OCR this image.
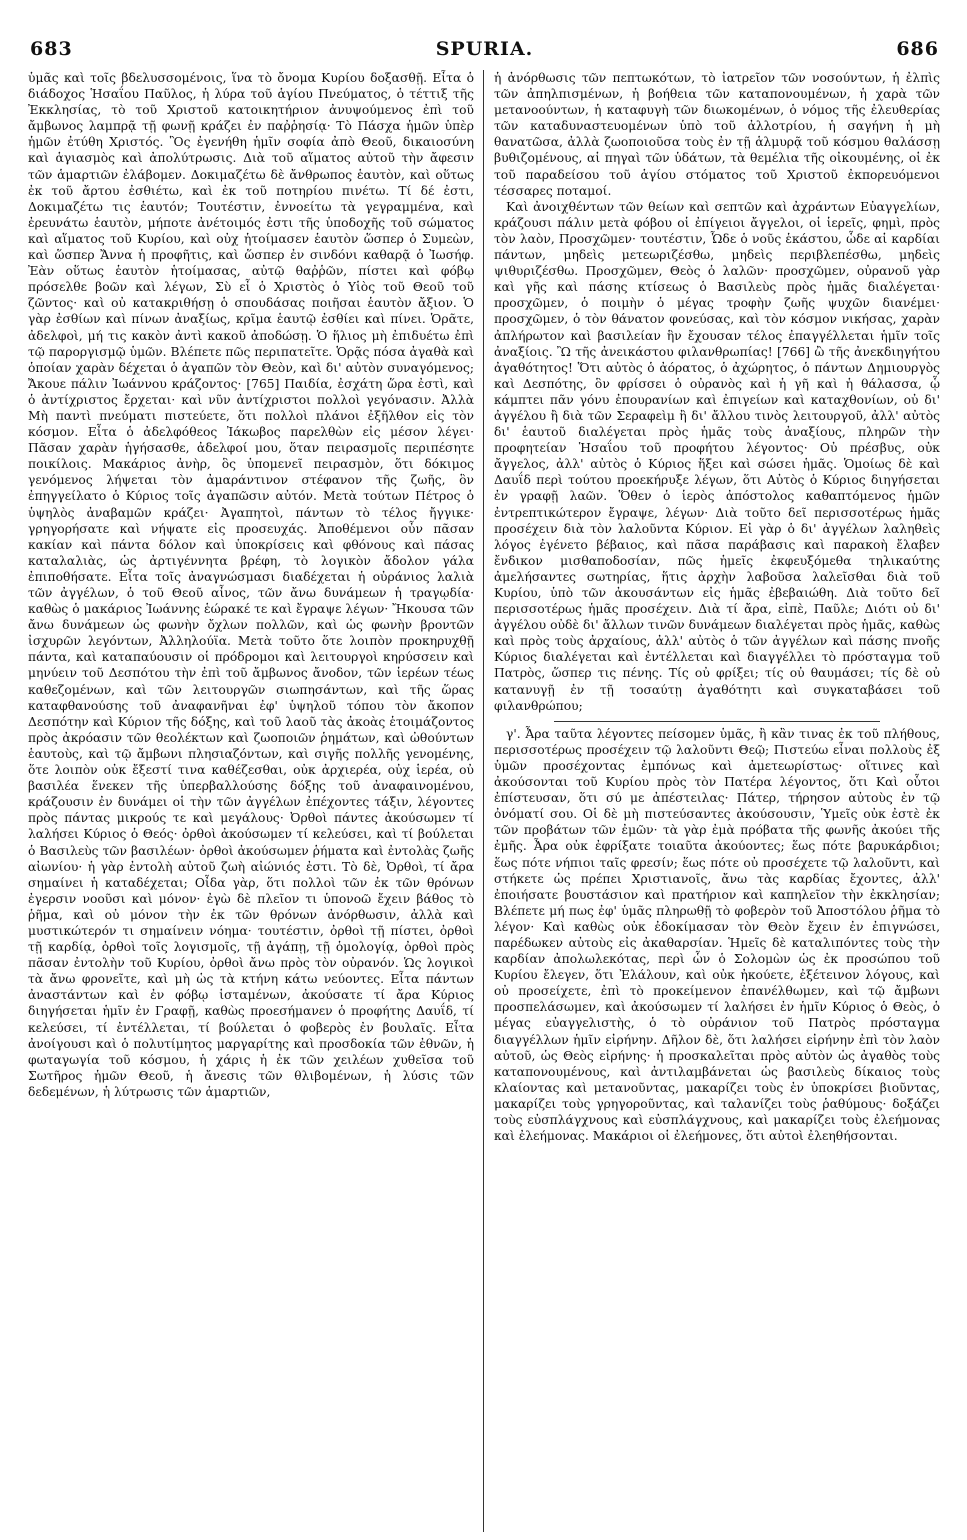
683	SPURIA.	686

ὑμᾶς καὶ τοῖς βδελυσσομένοις, ἵνα τὸ ὄνομα Κυρίου δοξασθῇ. Εἶτα ὁ διάδοχος Ἡσαΐου Παῦλος, ἡ λύρα τοῦ ἁγίου Πνεύματος, ὁ τέττιξ τῆς Ἐκκλησίας, τὸ τοῦ Χριστοῦ κατοικητήριον ἀνυψούμενος ἐπὶ τοῦ ἄμβωνος λαμπρᾷ τῇ φωνῇ κράζει ἐν παῤῥησίᾳ· Τὸ Πάσχα ἡμῶν ὑπὲρ ἡμῶν ἐτύθη Χριστός. Ὃς ἐγενήθη ἡμῖν σοφία ἀπὸ Θεοῦ, δικαιοσύνη καὶ ἁγιασμὸς καὶ ἀπολύτρωσις. Διὰ τοῦ αἵματος αὐτοῦ τὴν ἄφεσιν τῶν ἁμαρτιῶν ἐλάβομεν. Δοκιμαζέτω δὲ ἄνθρωπος ἑαυτὸν, καὶ οὕτως ἐκ τοῦ ἄρτου ἐσθιέτω, καὶ ἐκ τοῦ ποτηρίου πινέτω. Τί δέ ἐστι, Δοκιμαζέτω τις ἑαυτόν; Τουτέστιν, ἐννοείτω τὰ γεγραμμένα, καὶ ἐρευνάτω ἑαυτὸν, μήποτε ἀνέτοιμός ἐστι τῆς ὑποδοχῆς τοῦ σώματος καὶ αἵματος τοῦ Κυρίου, καὶ οὐχ ἡτοίμασεν ἑαυτὸν ὥσπερ ὁ Συμεὼν, καὶ ὥσπερ Ἄννα ἡ προφῆτις, καὶ ὥσπερ ἐν σινδόνι καθαρᾷ ὁ Ἰωσήφ. Ἐὰν οὕτως ἑαυτὸν ἡτοίμασας, αὐτῷ θαῤῥῶν, πίστει καὶ φόβῳ πρόσελθε βοῶν καὶ λέγων, Σὺ εἶ ὁ Χριστὸς ὁ Υἱὸς τοῦ Θεοῦ τοῦ ζῶντος· καὶ οὐ κατακριθήσῃ ὁ σπουδάσας ποιῆσαι ἑαυτὸν ἄξιον. Ὁ γὰρ ἐσθίων καὶ πίνων ἀναξίως, κρῖμα ἑαυτῷ ἐσθίει καὶ πίνει. Ὁρᾶτε, ἀδελφοὶ, μή τις κακὸν ἀντὶ κακοῦ ἀποδώσῃ. Ὁ ἥλιος μὴ ἐπιδυέτω ἐπὶ τῷ παροργισμῷ ὑμῶν. Βλέπετε πῶς περιπατεῖτε. Ὁρᾷς πόσα ἀγαθὰ καὶ ὁποίαν χαρὰν δέχεται ὁ ἀγαπῶν τὸν Θεὸν, καὶ δι' αὐτὸν συναγόμενος; Ἄκουε πάλιν Ἰωάννου κράζοντος· [765] Παιδία, ἐσχάτη ὥρα ἐστὶ, καὶ ὁ ἀντίχριστος ἔρχεται· καὶ νῦν ἀντίχριστοι πολλοὶ γεγόνασιν. Ἀλλὰ Μὴ παντὶ πνεύματι πιστεύετε, ὅτι πολλοὶ πλάνοι ἐξῆλθον εἰς τὸν κόσμον. Εἶτα ὁ ἀδελφόθεος Ἰάκωβος παρελθὼν εἰς μέσον λέγει· Πᾶσαν χαρὰν ἡγήσασθε, ἀδελφοί μου, ὅταν πειρασμοῖς περιπέσητε ποικίλοις. Μακάριος ἀνὴρ, ὃς ὑπομενεῖ πειρασμὸν, ὅτι δόκιμος γενόμενος λήψεται τὸν ἀμαράντινον στέφανον τῆς ζωῆς, ὃν ἐπηγγείλατο ὁ Κύριος τοῖς ἀγαπῶσιν αὐτόν. Μετὰ τούτων Πέτρος ὁ ὑψηλὸς ἀναβαμῶν κράζει· Ἀγαπητοὶ, πάντων τὸ τέλος ἤγγικε· γρηγορήσατε καὶ νήψατε εἰς προσευχάς. Ἀποθέμενοι οὖν πᾶσαν κακίαν καὶ πάντα δόλον καὶ ὑποκρίσεις καὶ φθόνους καὶ πάσας καταλαλιὰς, ὡς ἀρτιγέννητα βρέφη, τὸ λογικὸν ἄδολον γάλα ἐπιποθήσατε. Εἶτα τοῖς ἀναγνώσμασι διαδέχεται ἡ οὐράνιος λαλιὰ τῶν ἀγγέλων, ὁ τοῦ Θεοῦ αἶνος, τῶν ἄνω δυνάμεων ἡ τραγῳδία· καθὼς ὁ μακάριος Ἰωάννης ἑώρακέ τε καὶ ἔγραψε λέγων· Ἤκουσα τῶν ἄνω δυνάμεων ὡς φωνὴν ὄχλων πολλῶν, καὶ ὡς φωνὴν βροντῶν ἰσχυρῶν λεγόντων, Ἀλληλούϊα. Μετὰ τοῦτο ὅτε λοιπὸν προκηρυχθῇ πάντα, καὶ καταπαύουσιν οἱ πρόδρομοι καὶ λειτουργοὶ κηρύσσειν καὶ μηνύειν τοῦ Δεσπότου τὴν ἐπὶ τοῦ ἄμβωνος ἄνοδον, τῶν ἱερέων τέως καθεζομένων, καὶ τῶν λειτουργῶν σιωπησάντων, καὶ τῆς ὥρας καταφθανούσης τοῦ ἀναφανῆναι ἐφ' ὑψηλοῦ τόπου τὸν ἄκοπον Δεσπότην καὶ Κύριον τῆς δόξης, καὶ τοῦ λαοῦ τὰς ἀκοὰς ἑτοιμάζοντος πρὸς ἀκρόασιν τῶν θεολέκτων καὶ ζωοποιῶν ῥημάτων, καὶ ὠθούντων ἑαυτοὺς, καὶ τῷ ἄμβωνι πλησιαζόντων, καὶ σιγῆς πολλῆς γενομένης, ὅτε λοιπὸν οὐκ ἔξεστί τινα καθέζεσθαι, οὐκ ἀρχιερέα, οὐχ ἱερέα, οὐ βασιλέα ἕνεκεν τῆς ὑπερβαλλούσης δόξης τοῦ ἀναφαινομένου, κράζουσιν ἐν δυνάμει οἱ τὴν τῶν ἀγγέλων ἐπέχοντες τάξιν, λέγοντες πρὸς πάντας μικρούς τε καὶ μεγάλους· Ὀρθοὶ πάντες ἀκούσωμεν τί λαλήσει Κύριος ὁ Θεός· ὀρθοὶ ἀκούσωμεν τί κελεύσει, καὶ τί βούλεται ὁ Βασιλεὺς τῶν βασιλέων· ὀρθοὶ ἀκούσωμεν ῥήματα καὶ ἐντολὰς ζωῆς αἰωνίου· ἡ γὰρ ἐντολὴ αὐτοῦ ζωὴ αἰώνιός ἐστι. Τὸ δὲ, Ὀρθοὶ, τί ἄρα σημαίνει ἡ καταδέχεται; Οἶδα γὰρ, ὅτι πολλοὶ τῶν ἐκ τῶν θρόνων ἐγερσιν νοοῦσι καὶ μόνον· ἐγὼ δὲ πλεῖον τι ὑπονοῶ ἔχειν βάθος τὸ ῥῆμα, καὶ οὐ μόνον τὴν ἐκ τῶν θρόνων ἀνόρθωσιν, ἀλλὰ καὶ μυστικώτερόν τι σημαίνειν νόημα· τουτέστιν, ὀρθοὶ τῇ πίστει, ὀρθοὶ τῇ καρδίᾳ, ὀρθοὶ τοῖς λογισμοῖς, τῇ ἀγάπῃ, τῇ ὁμολογίᾳ, ὀρθοὶ πρὸς πᾶσαν ἐντολὴν τοῦ Κυρίου, ὀρθοὶ ἄνω πρὸς τὸν οὐρανόν. Ὡς λογικοὶ τὰ ἄνω φρονεῖτε, καὶ μὴ ὡς τὰ κτήνη κάτω νεύοντες. Εἶτα πάντων ἀναστάντων καὶ ἐν φόβῳ ἱσταμένων, ἀκούσατε τί ἄρα Κύριος διηγήσεται ἡμῖν ἐν Γραφῇ, καθὼς προεσήμανεν ὁ προφήτης Δαυΐδ, τί κελεύσει, τί ἐντέλλεται, τί βούλεται ὁ φοβερὸς ἐν βουλαῖς. Εἶτα ἀνοίγουσι καὶ ὁ πολυτίμητος μαργαρίτης καὶ προσδοκία τῶν ἐθνῶν, ἡ φωταγωγία τοῦ κόσμου, ἡ χάρις ἡ ἐκ τῶν χειλέων χυθεῖσα τοῦ Σωτῆρος ἡμῶν Θεοῦ, ἡ ἄνεσις τῶν θλιβομένων, ἡ λύσις τῶν δεδεμένων, ἡ λύτρωσις τῶν ἁμαρτιῶν,

ἡ ἀνόρθωσις τῶν πεπτωκότων, τὸ ἰατρεῖον τῶν νοσούντων, ἡ ἐλπὶς τῶν ἀπηλπισμένων, ἡ βοήθεια τῶν καταπονουμένων, ἡ χαρὰ τῶν μετανοούντων, ἡ καταφυγὴ τῶν διωκομένων, ὁ νόμος τῆς ἐλευθερίας τῶν καταδυναστευομένων ὑπὸ τοῦ ἀλλοτρίου, ἡ σαγήνη ἡ μὴ θανατῶσα, ἀλλὰ ζωοποιοῦσα τοὺς ἐν τῇ ἁλμυρᾷ τοῦ κόσμου θαλάσσῃ βυθιζομένους, αἱ πηγαὶ τῶν ὑδάτων, τὰ θεμέλια τῆς οἰκουμένης, οἱ ἐκ τοῦ παραδείσου τοῦ ἁγίου στόματος τοῦ Χριστοῦ ἐκπορευόμενοι τέσσαρες ποταμοί.

Καὶ ἀνοιχθέντων τῶν θείων καὶ σεπτῶν καὶ ἀχράντων Εὐαγγελίων, κράζουσι πάλιν μετὰ φόβου οἱ ἐπίγειοι ἄγγελοι, οἱ ἱερεῖς, φημὶ, πρὸς τὸν λαὸν, Προσχῶμεν· τουτέστιν, Ὧδε ὁ νοῦς ἑκάστου, ὧδε αἱ καρδίαι πάντων, μηδεὶς μετεωριζέσθω, μηδεὶς περιβλεπέσθω, μηδεὶς ψιθυριζέσθω. Προσχῶμεν, Θεὸς ὁ λαλῶν· προσχῶμεν, οὐρανοῦ γὰρ καὶ γῆς καὶ πάσης κτίσεως ὁ Βασιλεὺς πρὸς ἡμᾶς διαλέγεται· προσχῶμεν, ὁ ποιμὴν ὁ μέγας τροφὴν ζωῆς ψυχῶν διανέμει· προσχῶμεν, ὁ τὸν θάνατον φονεύσας, καὶ τὸν κόσμον νικήσας, χαρὰν ἀπλήρωτον καὶ βασιλείαν ἣν ἔχουσαν τέλος ἐπαγγέλλεται ἡμῖν τοῖς ἀναξίοις. Ὢ τῆς ἀνεικάστου φιλανθρωπίας! [766] ὢ τῆς ἀνεκδιηγήτου ἀγαθότητος! Ὅτι αὐτὸς ὁ ἀόρατος, ὁ ἀχώρητος, ὁ πάντων Δημιουργὸς καὶ Δεσπότης, ὃν φρίσσει ὁ οὐρανὸς καὶ ἡ γῆ καὶ ἡ θάλασσα, ᾧ κάμπτει πᾶν γόνυ ἐπουρανίων καὶ ἐπιγείων καὶ καταχθονίων, οὐ δι' ἀγγέλου ἢ διὰ τῶν Σεραφεὶμ ἢ δι' ἄλλου τινὸς λειτουργοῦ, ἀλλ' αὐτὸς δι' ἑαυτοῦ διαλέγεται πρὸς ἡμᾶς τοὺς ἀναξίους, πληρῶν τὴν προφητείαν Ἡσαΐου τοῦ προφήτου λέγοντος· Οὐ πρέσβυς, οὐκ ἄγγελος, ἀλλ' αὐτὸς ὁ Κύριος ἥξει καὶ σώσει ἡμᾶς. Ὁμοίως δὲ καὶ Δαυΐδ περὶ τούτου προεκήρυξε λέγων, ὅτι Αὐτὸς ὁ Κύριος διηγήσεται ἐν γραφῇ λαῶν. Ὅθεν ὁ ἱερὸς ἀπόστολος καθαπτόμενος ἡμῶν ἐντρεπτικώτερον ἔγραψε, λέγων· Διὰ τοῦτο δεῖ περισσοτέρως ἡμᾶς προσέχειν διὰ τὸν λαλοῦντα Κύριον. Εἰ γὰρ ὁ δι' ἀγγέλων λαληθεὶς λόγος ἐγένετο βέβαιος, καὶ πᾶσα παράβασις καὶ παρακοὴ ἔλαβεν ἔνδικον μισθαποδοσίαν, πῶς ἡμεῖς ἐκφευξόμεθα τηλικαύτης ἀμελήσαντες σωτηρίας, ἥτις ἀρχὴν λαβοῦσα λαλεῖσθαι διὰ τοῦ Κυρίου, ὑπὸ τῶν ἀκουσάντων εἰς ἡμᾶς ἐβεβαιώθη. Διὰ τοῦτο δεῖ περισσοτέρως ἡμᾶς προσέχειν. Διὰ τί ἄρα, εἰπὲ, Παῦλε; Διότι οὐ δι' ἀγγέλου οὐδὲ δι' ἄλλων τινῶν δυνάμεων διαλέγεται πρὸς ἡμᾶς, καθὼς καὶ πρὸς τοὺς ἀρχαίους, ἀλλ' αὐτὸς ὁ τῶν ἀγγέλων καὶ πάσης πνοῆς Κύριος διαλέγεται καὶ ἐντέλλεται καὶ διαγγέλλει τὸ πρόσταγμα τοῦ Πατρὸς, ὥσπερ τις πένης. Τίς οὐ φρίξει; τίς οὐ θαυμάσει; τίς δὲ οὐ κατανυγῇ ἐν τῇ τοσαύτῃ ἀγαθότητι καὶ συγκαταβάσει τοῦ φιλανθρώπου;

γ'. Ἆρα ταῦτα λέγοντες πείσομεν ὑμᾶς, ἢ κἂν τινας ἐκ τοῦ πλήθους, περισσοτέρως προσέχειν τῷ λαλοῦντι Θεῷ; Πιστεύω εἶναι πολλοὺς ἐξ ὑμῶν προσέχοντας ἐμπόνως καὶ ἀμετεωρίστως· οἵτινες καὶ ἀκούσονται τοῦ Κυρίου πρὸς τὸν Πατέρα λέγοντος, ὅτι Καὶ οὗτοι ἐπίστευσαν, ὅτι σύ με ἀπέστειλας· Πάτερ, τήρησον αὐτοὺς ἐν τῷ ὀνόματί σου. Οἱ δὲ μὴ πιστεύσαντες ἀκούσουσιν, Ὑμεῖς οὐκ ἐστὲ ἐκ τῶν προβάτων τῶν ἐμῶν· τὰ γὰρ ἐμὰ πρόβατα τῆς φωνῆς ἀκούει τῆς ἐμῆς. Ἆρα οὐκ ἐφρίξατε τοιαῦτα ἀκούοντες; ἕως πότε βαρυκάρδιοι; ἕως πότε νήπιοι ταῖς φρεσίν; ἕως πότε οὐ προσέχετε τῷ λαλοῦντι, καὶ στήκετε ὡς πρέπει Χριστιανοῖς, ἄνω τὰς καρδίας ἔχοντες, ἀλλ' ἐποιήσατε βουστάσιον καὶ πρατήριον καὶ καπηλεῖον τὴν ἐκκλησίαν; Βλέπετε μή πως ἐφ' ὑμᾶς πληρωθῇ τὸ φοβερὸν τοῦ Ἀποστόλου ῥῆμα τὸ λέγον· Καὶ καθὼς οὐκ ἐδοκίμασαν τὸν Θεὸν ἔχειν ἐν ἐπιγνώσει, παρέδωκεν αὐτοὺς εἰς ἀκαθαρσίαν. Ἡμεῖς δὲ καταλιπόντες τοὺς τὴν καρδίαν ἀπολωλεκότας, περὶ ὧν ὁ Σολομὼν ὡς ἐκ προσώπου τοῦ Κυρίου ἔλεγεν, ὅτι Ἐλάλουν, καὶ οὐκ ἠκούετε, ἐξέτεινον λόγους, καὶ οὐ προσείχετε, ἐπὶ τὸ προκείμενον ἐπανέλθωμεν, καὶ τῷ ἄμβωνι προσπελάσωμεν, καὶ ἀκούσωμεν τί λαλήσει ἐν ἡμῖν Κύριος ὁ Θεὸς, ὁ μέγας εὐαγγελιστὴς, ὁ τὸ οὐράνιον τοῦ Πατρὸς πρόσταγμα διαγγέλλων ἡμῖν εἰρήνην. Δῆλον δὲ, ὅτι λαλήσει εἰρήνην ἐπὶ τὸν λαὸν αὐτοῦ, ὡς Θεὸς εἰρήνης· ἡ προσκαλεῖται πρὸς αὐτὸν ὡς ἀγαθὸς τοὺς καταπονουμένους, καὶ ἀντιλαμβάνεται ὡς βασιλεὺς δίκαιος τοὺς κλαίοντας καὶ μετανοῦντας, μακαρίζει τοὺς ἐν ὑποκρίσει βιοῦντας, μακαρίζει τοὺς γρηγοροῦντας, καὶ ταλανίζει τοὺς ῥαθύμους· δοξάζει τοὺς εὐσπλάγχνους καὶ εὐσπλάγχνους, καὶ μακαρίζει τοὺς ἐλεήμονας καὶ ἐλεήμονας. Μακάριοι οἱ ἐλεήμονες, ὅτι αὐτοὶ ἐλεηθήσονται.
